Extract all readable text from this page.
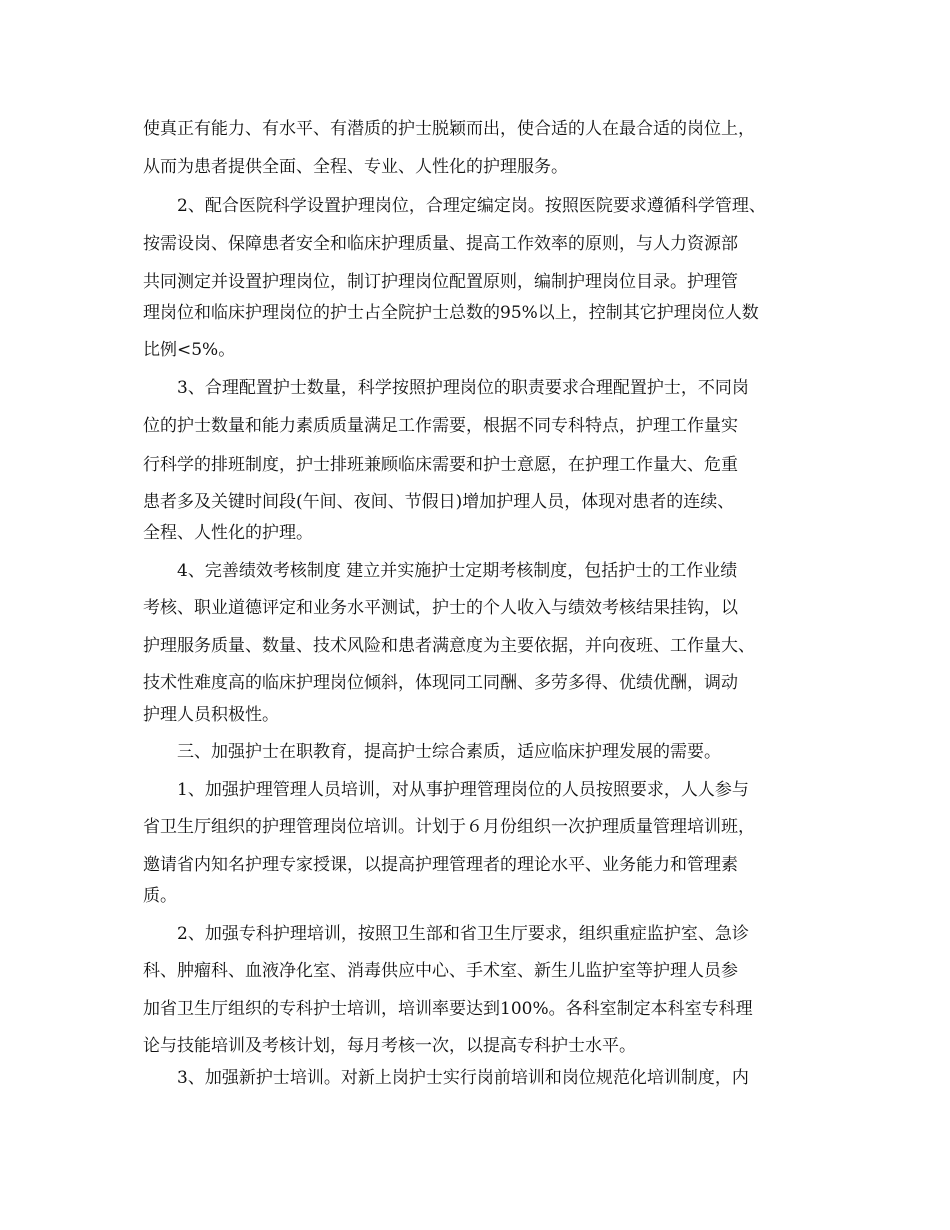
使真正有能力、有水平、有潜质的护士脱颖而出，使合适的人在最合适的岗位上，
从而为患者提供全面、全程、专业、人性化的护理服务。
　　2、配合医院科学设置护理岗位，合理定编定岗。按照医院要求遵循科学管理、
按需设岗、保障患者安全和临床护理质量、提高工作效率的原则，与人力资源部
共同测定并设置护理岗位，制订护理岗位配置原则，编制护理岗位目录。护理管
理岗位和临床护理岗位的护士占全院护士总数的95%以上，控制其它护理岗位人数
比例<5%。
　　3、合理配置护士数量，科学按照护理岗位的职责要求合理配置护士，不同岗
位的护士数量和能力素质质量满足工作需要，根据不同专科特点，护理工作量实
行科学的排班制度，护士排班兼顾临床需要和护士意愿，在护理工作量大、危重
患者多及关键时间段(午间、夜间、节假日)增加护理人员，体现对患者的连续、
全程、人性化的护理。
　　4、完善绩效考核制度 建立并实施护士定期考核制度，包括护士的工作业绩
考核、职业道德评定和业务水平测试，护士的个人收入与绩效考核结果挂钩，以
护理服务质量、数量、技术风险和患者满意度为主要依据，并向夜班、工作量大、
技术性难度高的临床护理岗位倾斜，体现同工同酬、多劳多得、优绩优酬，调动
护理人员积极性。
　　三、加强护士在职教育，提高护士综合素质，适应临床护理发展的需要。
　　1、加强护理管理人员培训，对从事护理管理岗位的人员按照要求，人人参与
省卫生厅组织的护理管理岗位培训。计划于６月份组织一次护理质量管理培训班，
邀请省内知名护理专家授课，以提高护理管理者的理论水平、业务能力和管理素
质。
　　2、加强专科护理培训，按照卫生部和省卫生厅要求，组织重症监护室、急诊
科、肿瘤科、血液净化室、消毒供应中心、手术室、新生儿监护室等护理人员参
加省卫生厅组织的专科护士培训，培训率要达到100%。各科室制定本科室专科理
论与技能培训及考核计划，每月考核一次，以提高专科护士水平。
　　3、加强新护士培训。对新上岗护士实行岗前培训和岗位规范化培训制度，内
